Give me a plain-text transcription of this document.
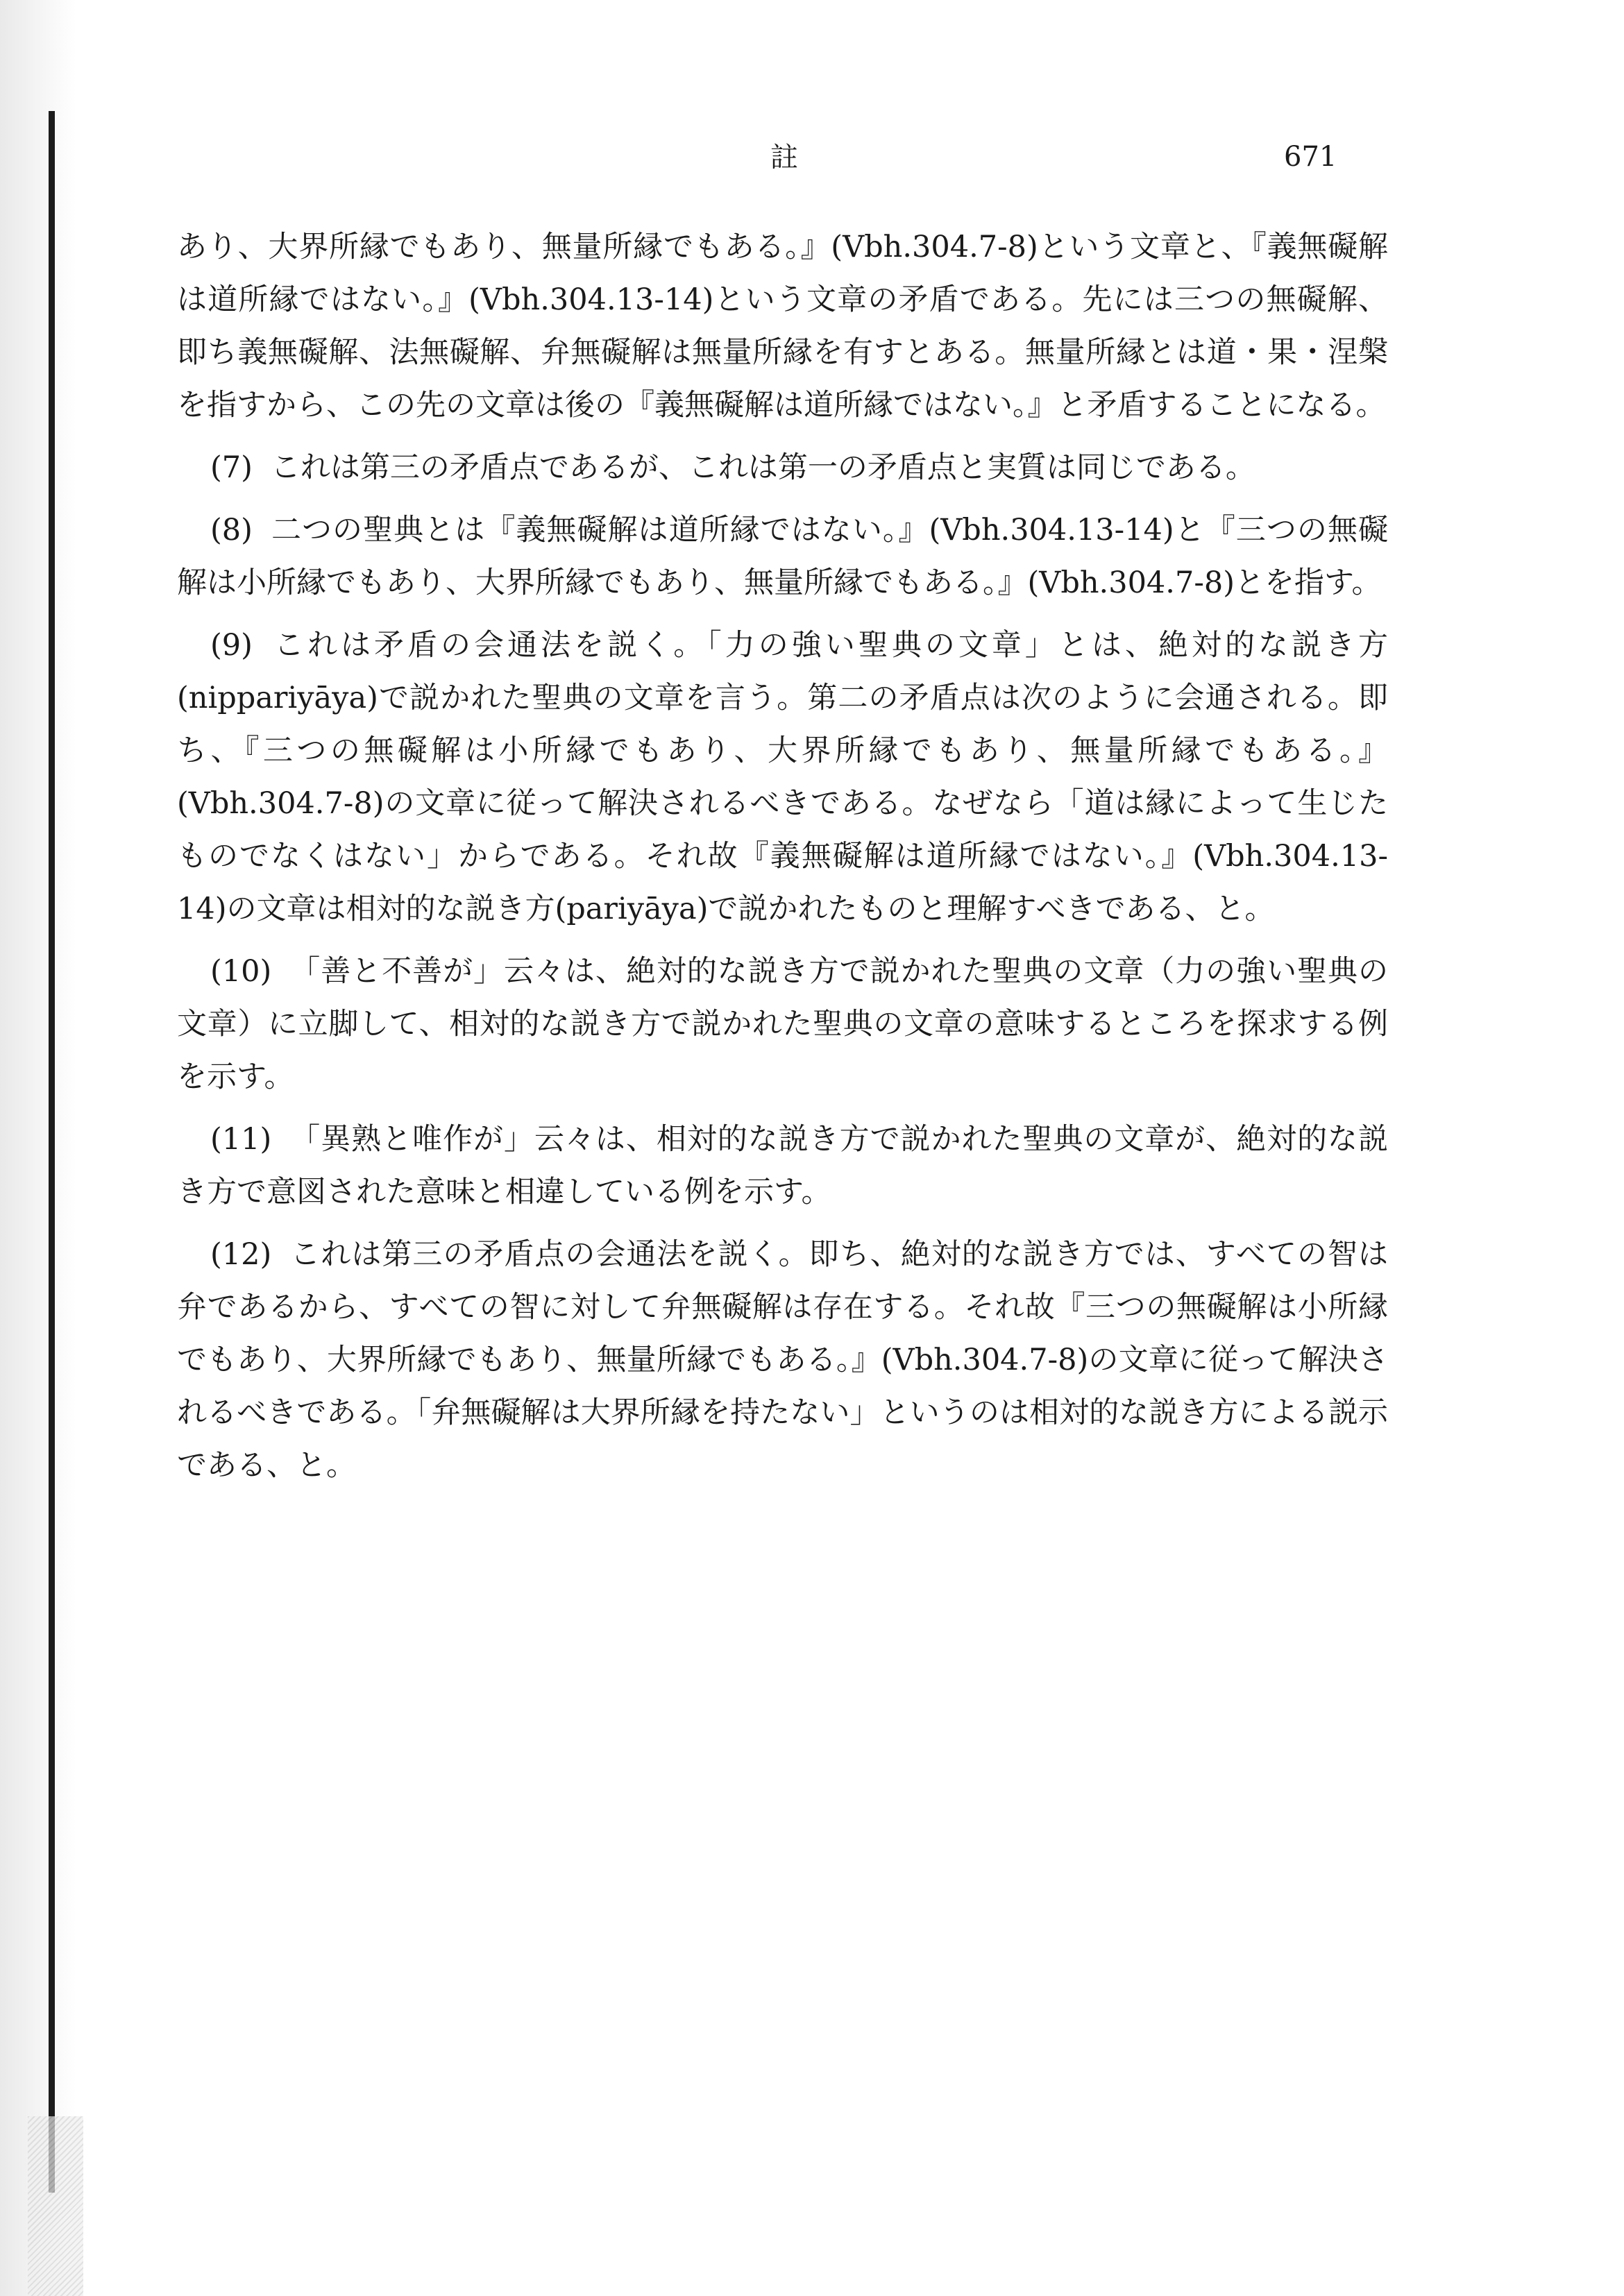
註	671

あり、大界所縁でもあり、無量所縁でもある。』(Vbh.304.7-8)という文章と、『義無礙解は道所縁ではない。』(Vbh.304.13-14)という文章の矛盾である。先には三つの無礙解、即ち義無礙解、法無礙解、弁無礙解は無量所縁を有すとある。無量所縁とは道・果・涅槃を指すから、この先の文章は後の『義無礙解は道所縁ではない。』と矛盾することになる。

(7) これは第三の矛盾点であるが、これは第一の矛盾点と実質は同じである。

(8) 二つの聖典とは『義無礙解は道所縁ではない。』(Vbh.304.13-14)と『三つの無礙解は小所縁でもあり、大界所縁でもあり、無量所縁でもある。』(Vbh.304.7-8)とを指す。

(9) これは矛盾の会通法を説く。「力の強い聖典の文章」とは、絶対的な説き方(nippariyāya)で説かれた聖典の文章を言う。第二の矛盾点は次のように会通される。即ち、『三つの無礙解は小所縁でもあり、大界所縁でもあり、無量所縁でもある。』(Vbh.304.7-8)の文章に従って解決されるべきである。なぜなら「道は縁によって生じたものでなくはない」からである。それ故『義無礙解は道所縁ではない。』(Vbh.304.13-14)の文章は相対的な説き方(pariyāya)で説かれたものと理解すべきである、と。

(10) 「善と不善が」云々は、絶対的な説き方で説かれた聖典の文章（力の強い聖典の文章）に立脚して、相対的な説き方で説かれた聖典の文章の意味するところを探求する例を示す。

(11) 「異熟と唯作が」云々は、相対的な説き方で説かれた聖典の文章が、絶対的な説き方で意図された意味と相違している例を示す。

(12) これは第三の矛盾点の会通法を説く。即ち、絶対的な説き方では、すべての智は弁であるから、すべての智に対して弁無礙解は存在する。それ故『三つの無礙解は小所縁でもあり、大界所縁でもあり、無量所縁でもある。』(Vbh.304.7-8)の文章に従って解決されるべきである。「弁無礙解は大界所縁を持たない」というのは相対的な説き方による説示である、と。
